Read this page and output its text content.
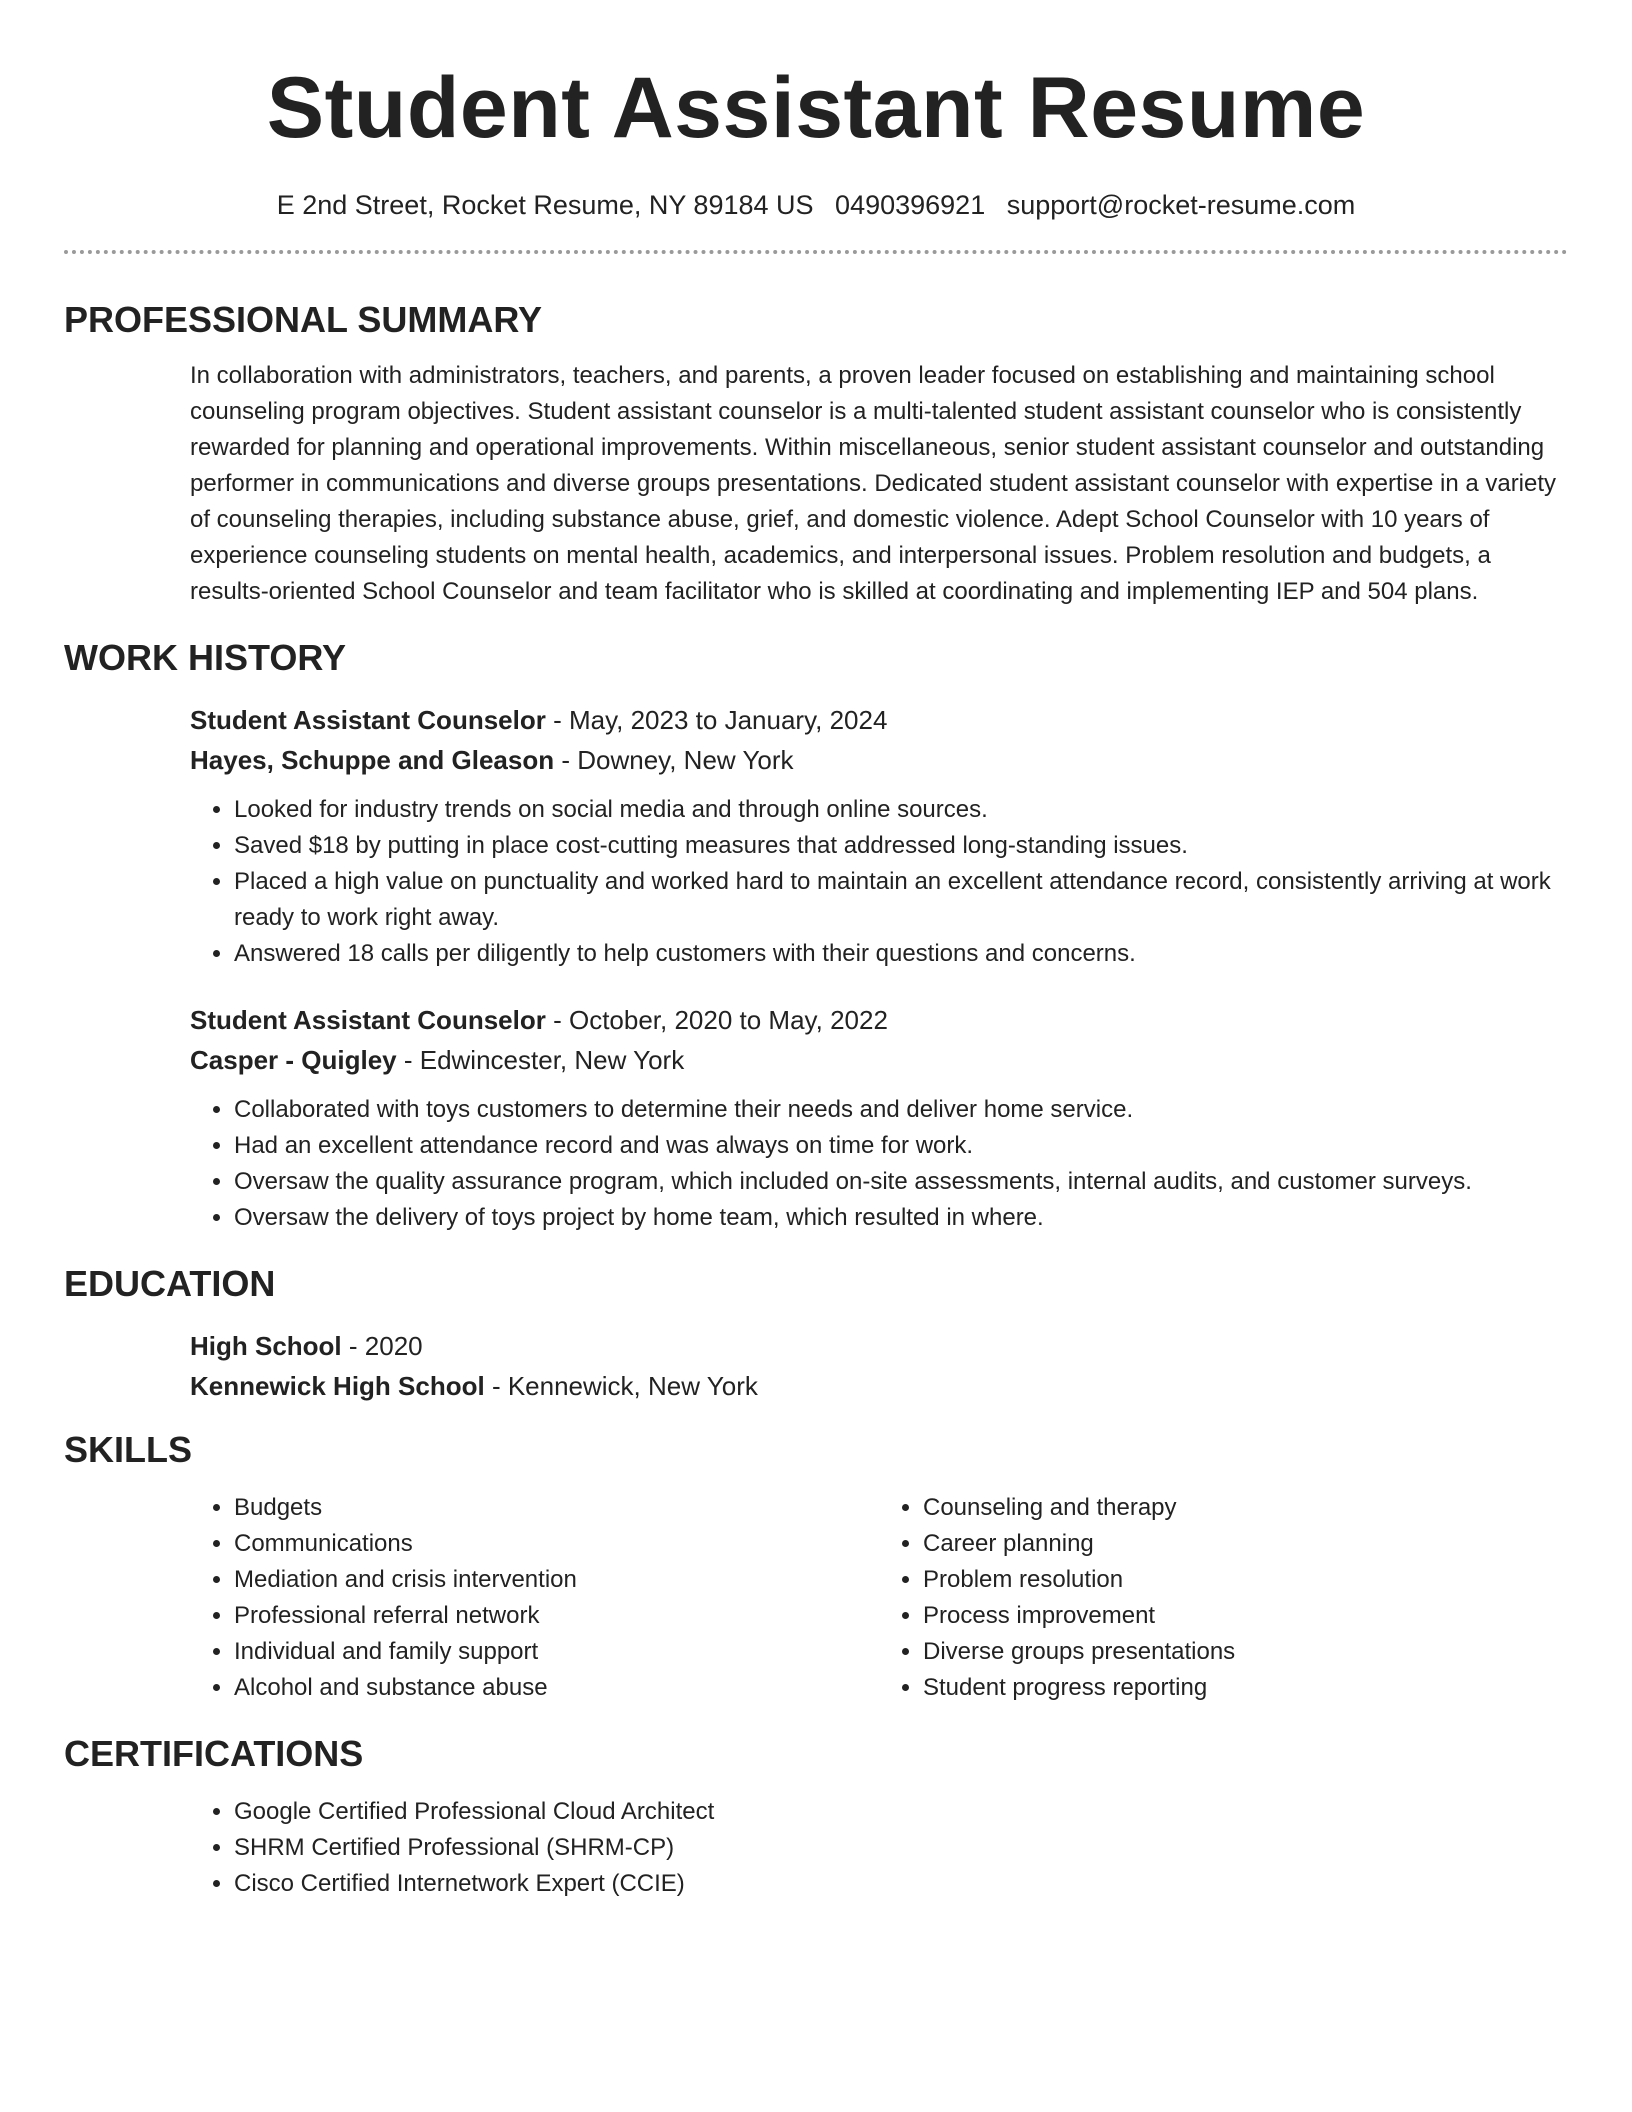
Student Assistant Resume
E 2nd Street, Rocket Resume, NY 89184 US 0490396921 support@rocket-resume.com
PROFESSIONAL SUMMARY

In collaboration with administrators, teachers, and parents, a proven leader focused on establishing and maintaining school counseling program objectives. Student assistant counselor is a multi-talented student assistant counselor who is consistently rewarded for planning and operational improvements. Within miscellaneous, senior student assistant counselor and outstanding performer in communications and diverse groups presentations. Dedicated student assistant counselor with expertise in a variety of counseling therapies, including substance abuse, grief, and domestic violence. Adept School Counselor with 10 years of experience counseling students on mental health, academics, and interpersonal issues. Problem resolution and budgets, a results-oriented School Counselor and team facilitator who is skilled at coordinating and implementing IEP and 504 plans.

WORK HISTORY
Student Assistant Counselor - May, 2023 to January, 2024
Hayes, Schuppe and Gleason - Downey, New York
• Looked for industry trends on social media and through online sources.
• Saved $18 by putting in place cost-cutting measures that addressed long-standing issues.
• Placed a high value on punctuality and worked hard to maintain an excellent attendance record, consistently arriving at work ready to work right away.
• Answered 18 calls per diligently to help customers with their questions and concerns.
Student Assistant Counselor - October, 2020 to May, 2022
Casper - Quigley - Edwincester, New York
• Collaborated with toys customers to determine their needs and deliver home service.
• Had an excellent attendance record and was always on time for work.
• Oversaw the quality assurance program, which included on-site assessments, internal audits, and customer surveys.
• Oversaw the delivery of toys project by home team, which resulted in where.
EDUCATION
High School - 2020
Kennewick High School - Kennewick, New York
SKILLS
• Budgets
• Communications
• Mediation and crisis intervention
• Professional referral network
• Individual and family support
• Alcohol and substance abuse
• Counseling and therapy
• Career planning
• Problem resolution
• Process improvement
• Diverse groups presentations
• Student progress reporting
CERTIFICATIONS
• Google Certified Professional Cloud Architect
• SHRM Certified Professional (SHRM-CP)
• Cisco Certified Internetwork Expert (CCIE)
